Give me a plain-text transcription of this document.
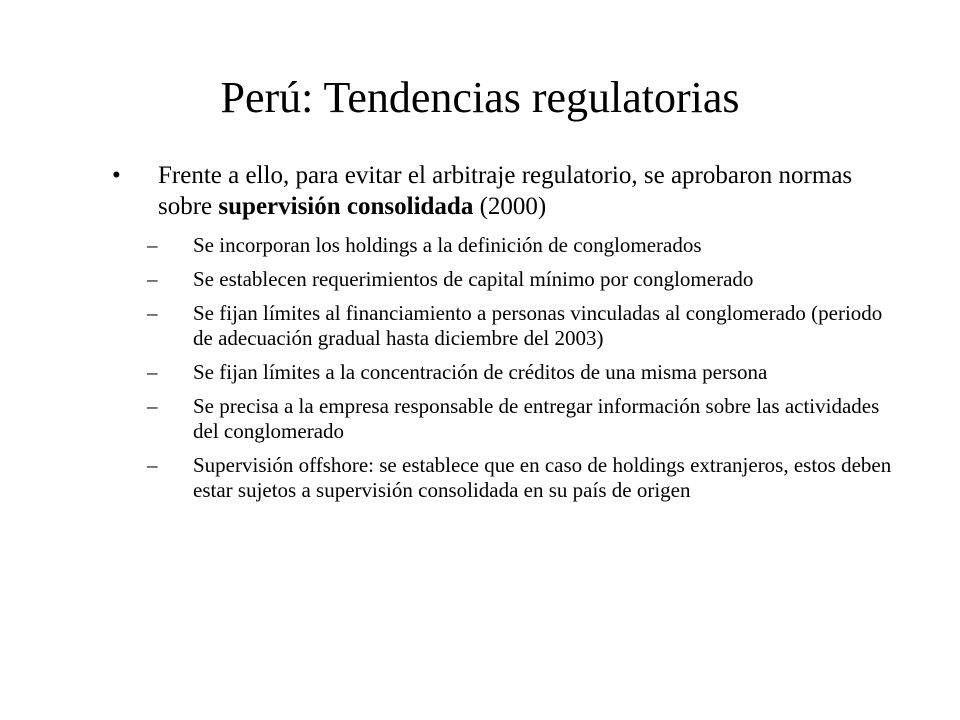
Perú: Tendencias regulatorias
• Frente a ello, para evitar el arbitraje regulatorio, se aprobaron normas sobre supervisión consolidada (2000)
– Se incorporan los holdings a la definición de conglomerados
– Se establecen requerimientos de capital mínimo por conglomerado
– Se fijan límites al financiamiento a personas vinculadas al conglomerado (periodo de adecuación gradual hasta diciembre del 2003)
– Se fijan límites a la concentración de créditos de una misma persona
– Se precisa a la empresa responsable de entregar información sobre las actividades del conglomerado
– Supervisión offshore: se establece que en caso de holdings extranjeros, estos deben estar sujetos a supervisión consolidada en su país de origen
